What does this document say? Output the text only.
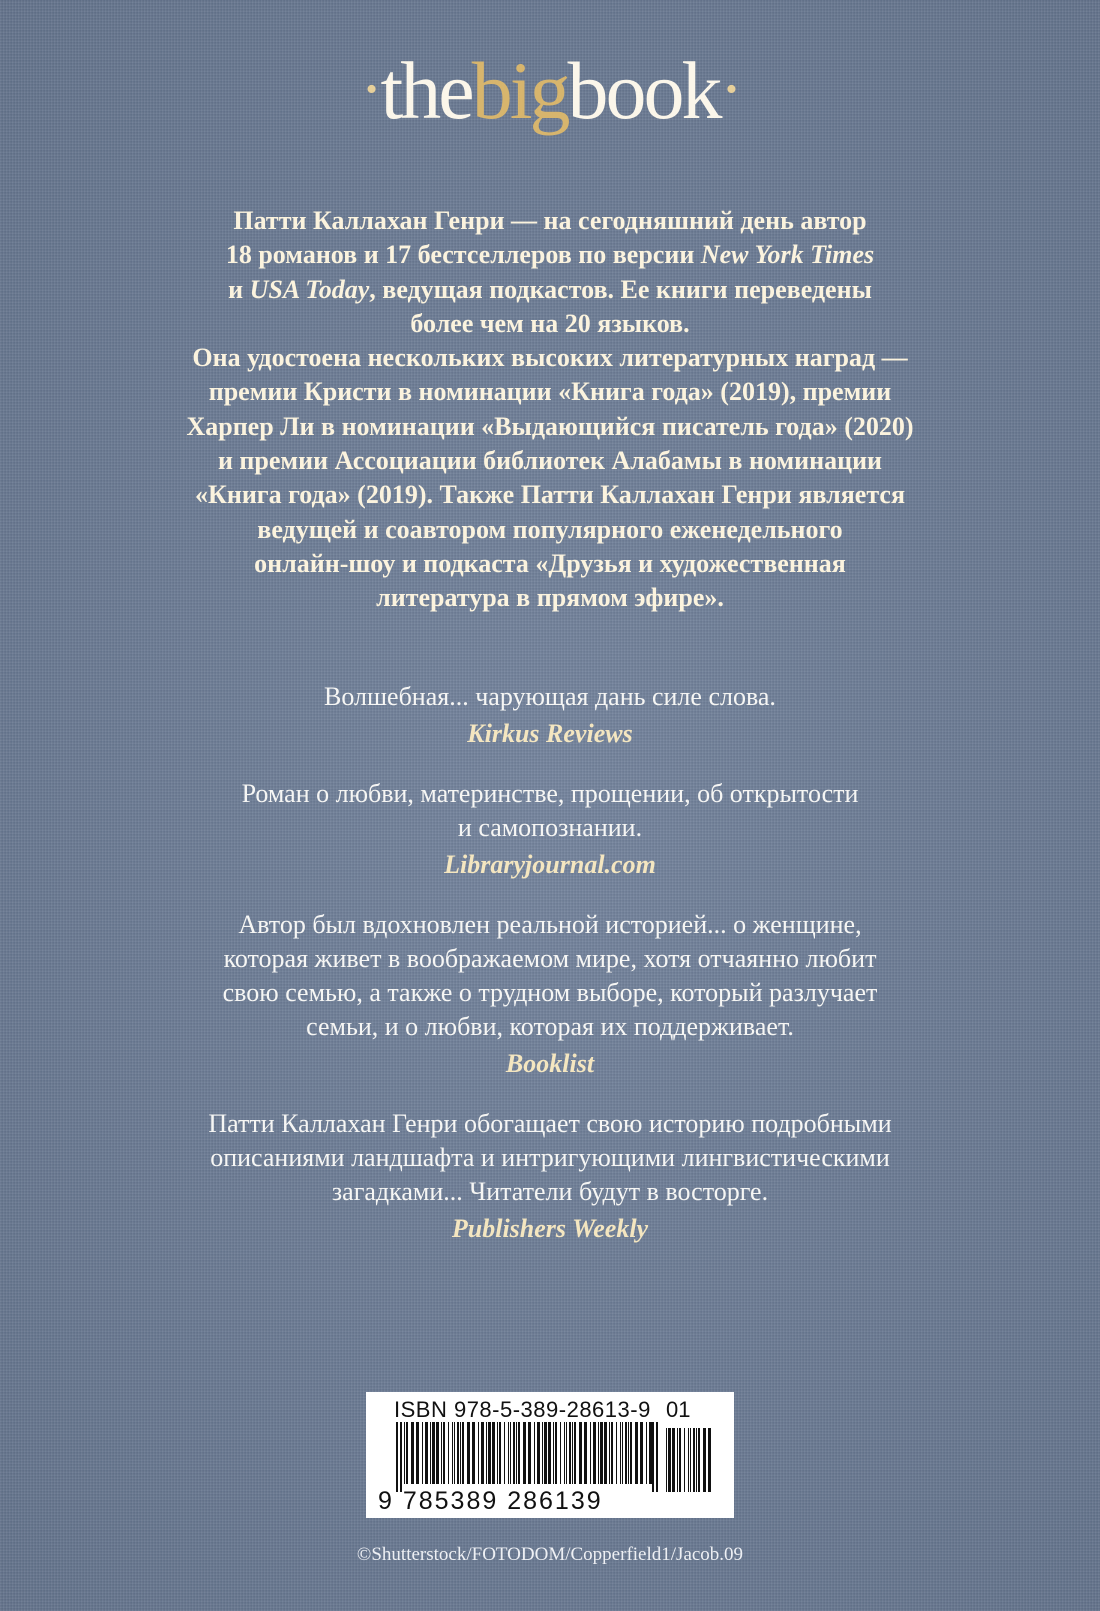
•thebigbook •

Патти Каллахан Генри — на сегодняшний день автор
18 романов и 17 бестселлеров по версии New York Times
и USA Today, ведущая подкастов. Ее книги переведены
более чем на 20 языков.
Она удостоена нескольких высоких литературных наград —
премии Кристи в номинации «Книга года» (2019), премии
Харпер Ли в номинации «Выдающийся писатель года» (2020)
и премии Ассоциации библиотек Алабамы в номинации
«Книга года» (2019). Также Патти Каллахан Генри является
ведущей и соавтором популярного еженедельного
онлайн-шоу и подкаста «Друзья и художественная
литература в прямом эфире».

Волшебная... чарующая дань силе слова.
Kirkus Reviews
Роман о любви, материнстве, прощении, об открытости
и самопознании.
Libraryjournal.com
Автор был вдохновлен реальной историей... о женщине,
которая живет в воображаемом мире, хотя отчаянно любит
свою семью, а также о трудном выборе, который разлучает
семьи, и о любви, которая их поддерживает.
Booklist
Патти Каллахан Генри обогащает свою историю подробными
описаниями ландшафта и интригующими лингвистическими
загадками... Читатели будут в восторге.
Publishers Weekly
ISBN 978-5-389-28613-9 01
9 785389 286139
©Shutterstock/FOTODOM/Copperfield1/Jacob.09
